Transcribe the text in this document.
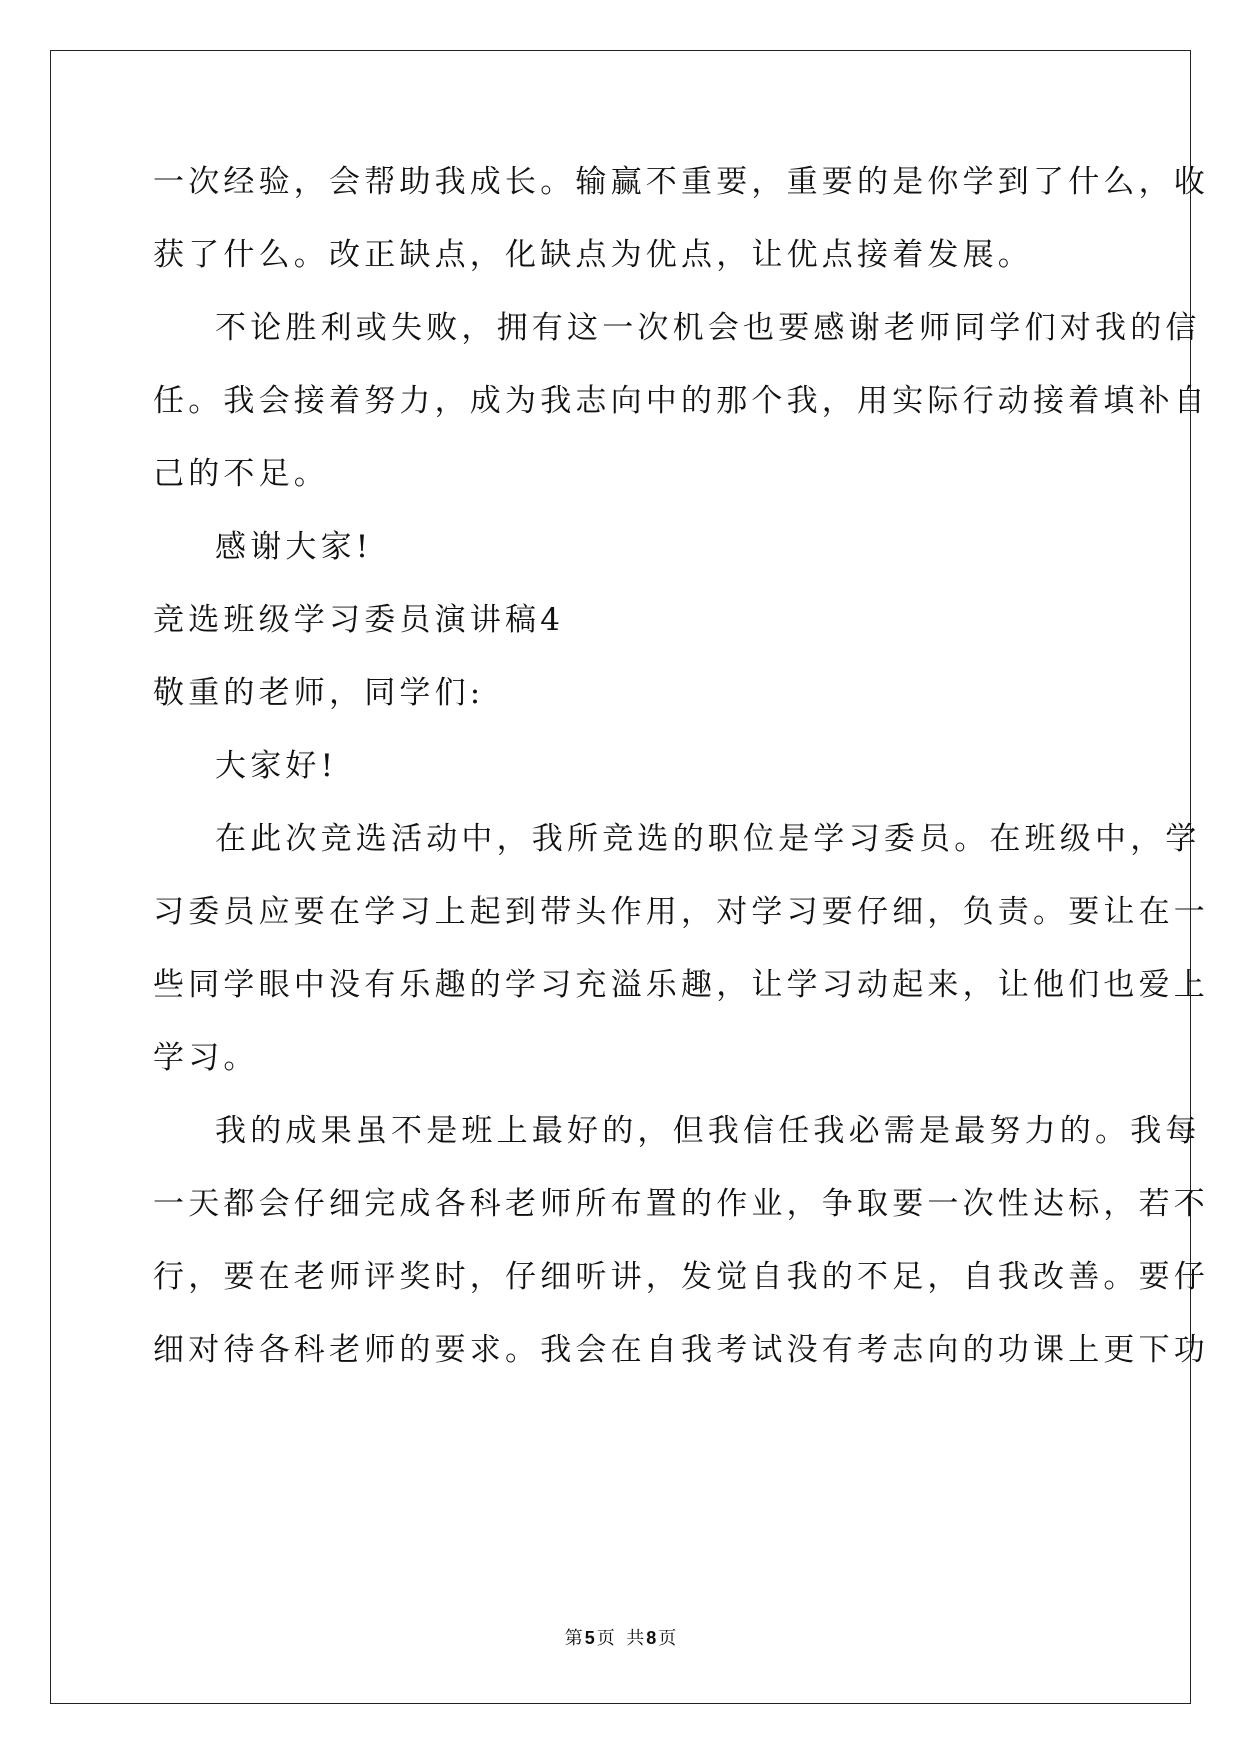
一次经验，会帮助我成长。输赢不重要，重要的是你学到了什么，收
获了什么。改正缺点，化缺点为优点，让优点接着发展。
不论胜利或失败，拥有这一次机会也要感谢老师同学们对我的信
任。我会接着努力，成为我志向中的那个我，用实际行动接着填补自
己的不足。
感谢大家!
竞选班级学习委员演讲稿4
敬重的老师，同学们:
大家好!
在此次竞选活动中，我所竞选的职位是学习委员。在班级中，学
习委员应要在学习上起到带头作用，对学习要仔细，负责。要让在一
些同学眼中没有乐趣的学习充溢乐趣，让学习动起来，让他们也爱上
学习。
我的成果虽不是班上最好的，但我信任我必需是最努力的。我每
一天都会仔细完成各科老师所布置的作业，争取要一次性达标，若不
行，要在老师评奖时，仔细听讲，发觉自我的不足，自我改善。要仔
细对待各科老师的要求。我会在自我考试没有考志向的功课上更下功
第 5 页  共 8 页
